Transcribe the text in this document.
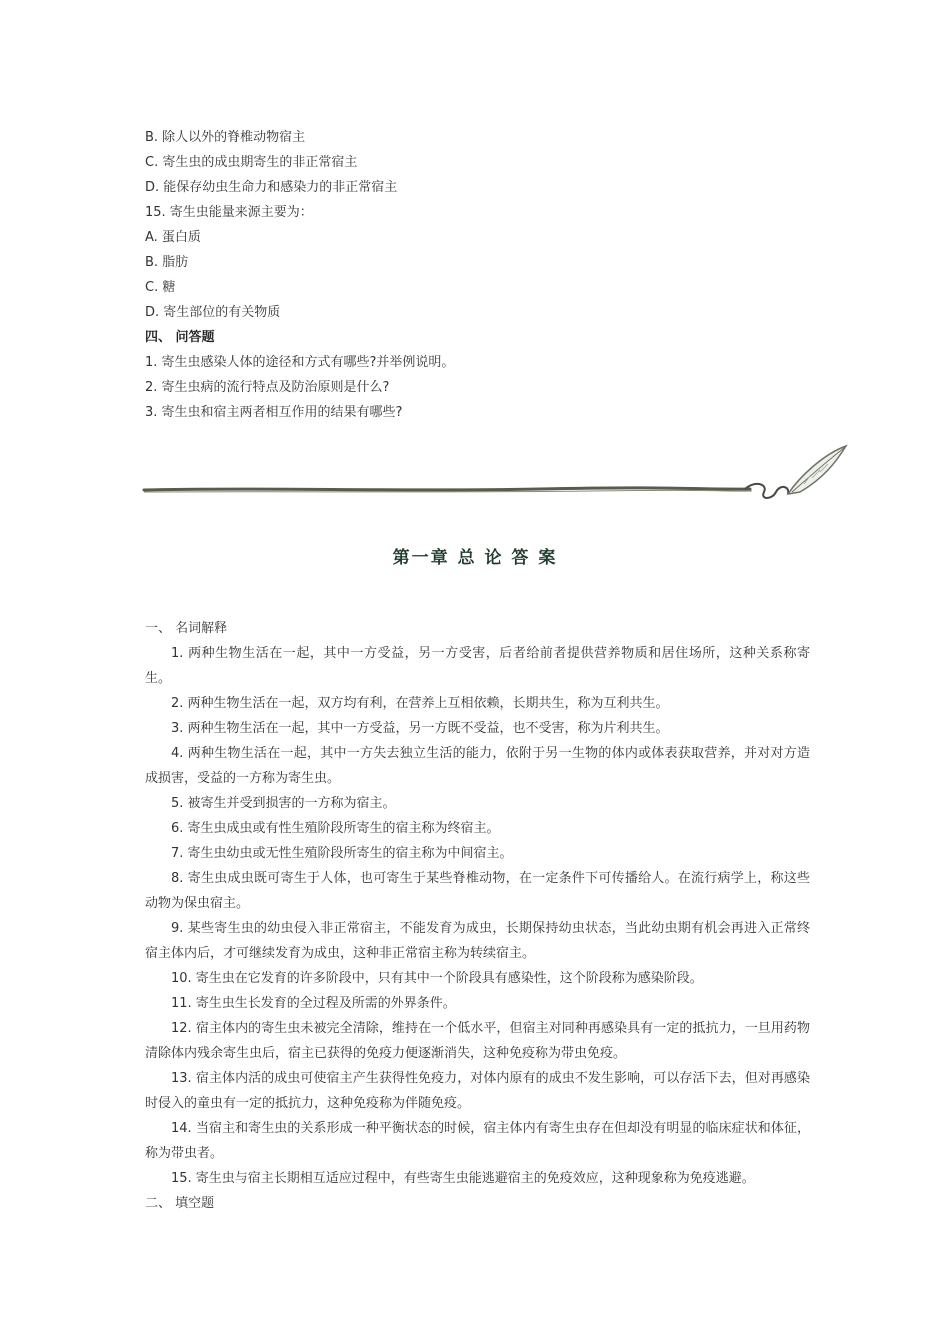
B. 除人以外的脊椎动物宿主
C. 寄生虫的成虫期寄生的非正常宿主
D. 能保存幼虫生命力和感染力的非正常宿主
15. 寄生虫能量来源主要为：
A. 蛋白质
B. 脂肪
C. 糖
D. 寄生部位的有关物质
四、 问答题
1. 寄生虫感染人体的途径和方式有哪些?并举例说明。
2. 寄生虫病的流行特点及防治原则是什么?
3. 寄生虫和宿主两者相互作用的结果有哪些?
第一章 总 论 答 案
一、 名词解释
1. 两种生物生活在一起，其中一方受益，另一方受害，后者给前者提供营养物质和居住场所，这种关系称寄生。
2. 两种生物生活在一起，双方均有利，在营养上互相依赖，长期共生，称为互利共生。
3. 两种生物生活在一起，其中一方受益，另一方既不受益，也不受害，称为片利共生。
4. 两种生物生活在一起，其中一方失去独立生活的能力，依附于另一生物的体内或体表获取营养，并对对方造成损害，受益的一方称为寄生虫。
5. 被寄生并受到损害的一方称为宿主。
6. 寄生虫成虫或有性生殖阶段所寄生的宿主称为终宿主。
7. 寄生虫幼虫或无性生殖阶段所寄生的宿主称为中间宿主。
8. 寄生虫成虫既可寄生于人体，也可寄生于某些脊椎动物，在一定条件下可传播给人。在流行病学上，称这些动物为保虫宿主。
9. 某些寄生虫的幼虫侵入非正常宿主，不能发育为成虫，长期保持幼虫状态，当此幼虫期有机会再进入正常终宿主体内后，才可继续发育为成虫，这种非正常宿主称为转续宿主。
10. 寄生虫在它发育的许多阶段中，只有其中一个阶段具有感染性，这个阶段称为感染阶段。
11. 寄生虫生长发育的全过程及所需的外界条件。
12. 宿主体内的寄生虫未被完全清除，维持在一个低水平，但宿主对同种再感染具有一定的抵抗力，一旦用药物清除体内残余寄生虫后，宿主已获得的免疫力便逐渐消失，这种免疫称为带虫免疫。
13. 宿主体内活的成虫可使宿主产生获得性免疫力，对体内原有的成虫不发生影响，可以存活下去，但对再感染时侵入的童虫有一定的抵抗力，这种免疫称为伴随免疫。
14. 当宿主和寄生虫的关系形成一种平衡状态的时候，宿主体内有寄生虫存在但却没有明显的临床症状和体征，称为带虫者。
15. 寄生虫与宿主长期相互适应过程中，有些寄生虫能逃避宿主的免疫效应，这种现象称为免疫逃避。
二、 填空题
